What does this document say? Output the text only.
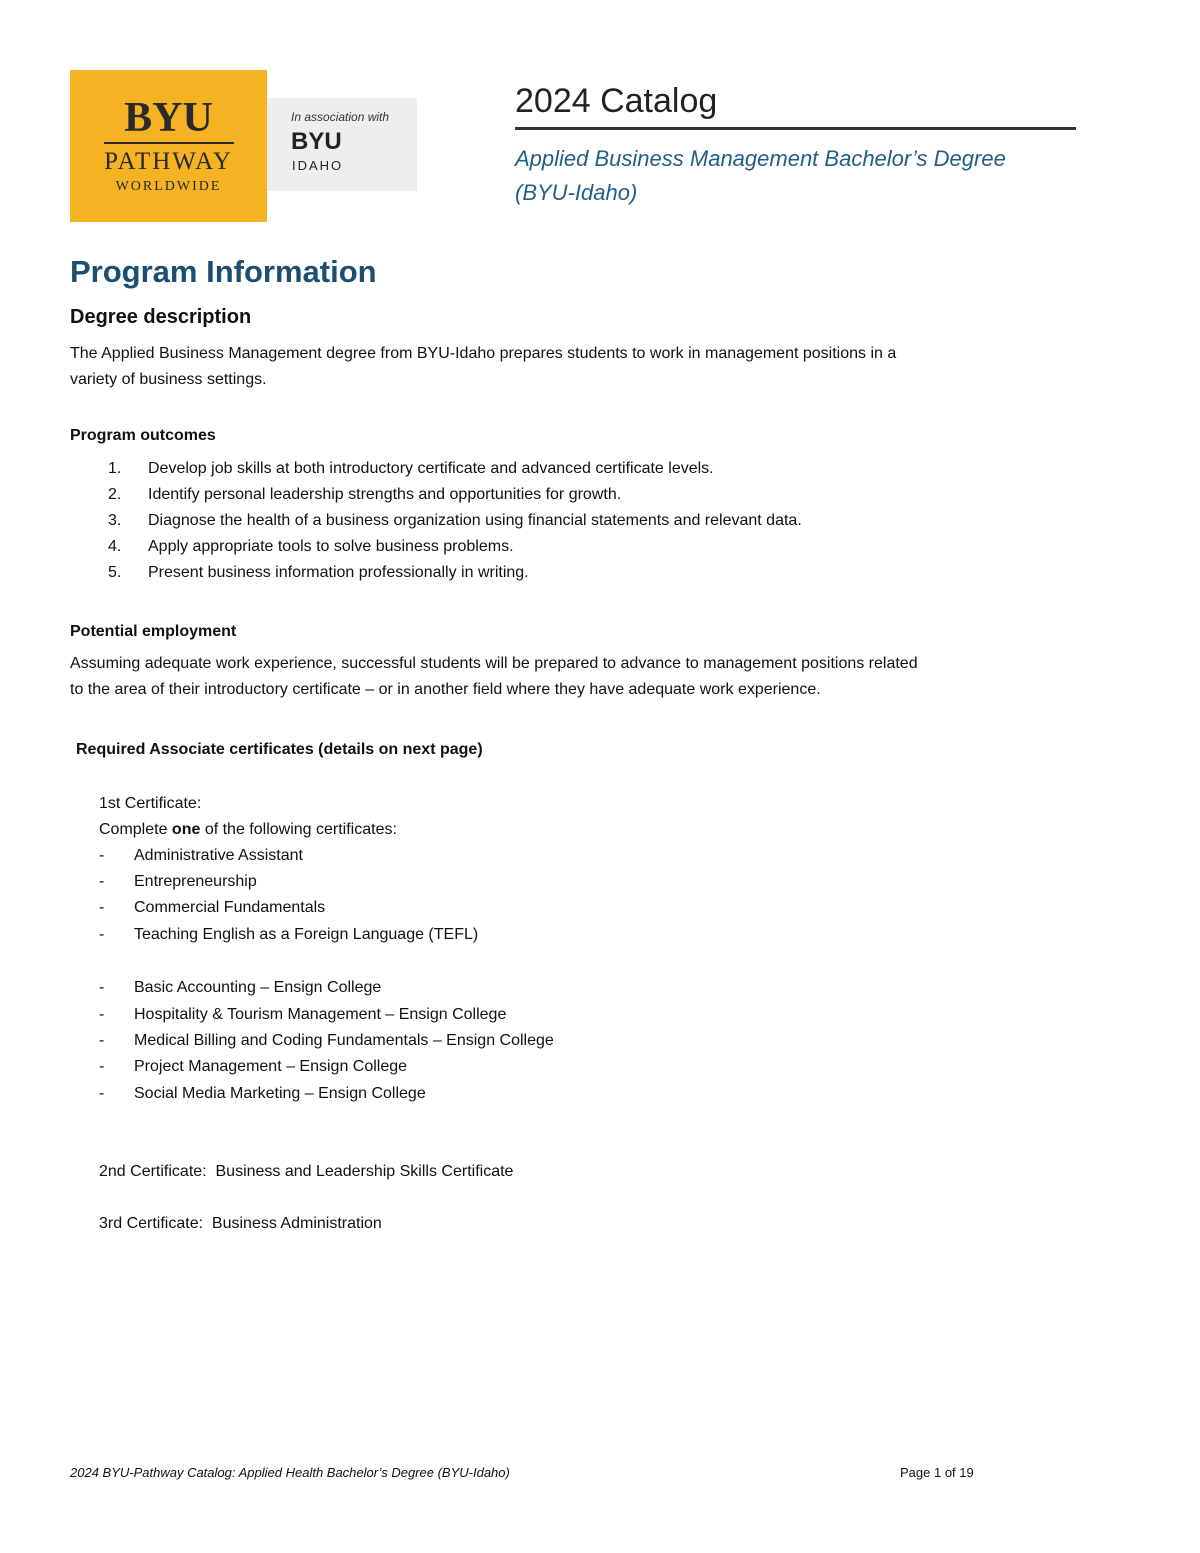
BYU
PATHWAY
WORLDWIDE
In association with
BYU
IDAHO
2024 Catalog
Applied Business Management Bachelor’s Degree
(BYU-Idaho)
Program Information
Degree description
The Applied Business Management degree from BYU-Idaho prepares students to work in management positions in a
variety of business settings.
Program outcomes
1.	Develop job skills at both introductory certificate and advanced certificate levels.
2.	Identify personal leadership strengths and opportunities for growth.
3.	Diagnose the health of a business organization using financial statements and relevant data.
4.	Apply appropriate tools to solve business problems.
5.	Present business information professionally in writing.
Potential employment
Assuming adequate work experience, successful students will be prepared to advance to management positions related
to the area of their introductory certificate – or in another field where they have adequate work experience.
Required Associate certificates (details on next page)
1st Certificate:
Complete one of the following certificates:
- Administrative Assistant
- Entrepreneurship
- Commercial Fundamentals
- Teaching English as a Foreign Language (TEFL)
- Basic Accounting – Ensign College
- Hospitality & Tourism Management – Ensign College
- Medical Billing and Coding Fundamentals – Ensign College
- Project Management – Ensign College
- Social Media Marketing – Ensign College
2nd Certificate:  Business and Leadership Skills Certificate
3rd Certificate:  Business Administration
2024 BYU-Pathway Catalog: Applied Health Bachelor’s Degree (BYU-Idaho)	Page 1 of 19
